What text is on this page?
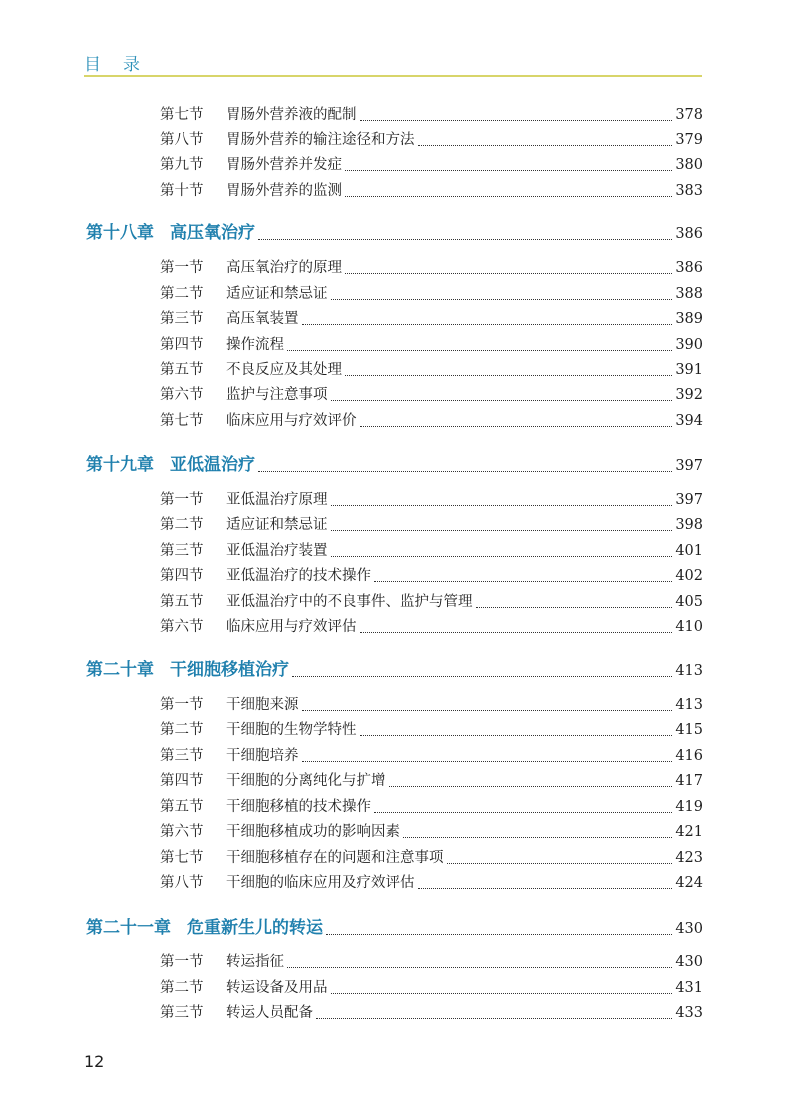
目录
第七节	胃肠外营养液的配制	378
第八节	胃肠外营养的输注途径和方法	379
第九节	胃肠外营养并发症	380
第十节	胃肠外营养的监测	383
第十八章 高压氧治疗	386
第一节	高压氧治疗的原理	386
第二节	适应证和禁忌证	388
第三节	高压氧装置	389
第四节	操作流程	390
第五节	不良反应及其处理	391
第六节	监护与注意事项	392
第七节	临床应用与疗效评价	394
第十九章 亚低温治疗	397
第一节	亚低温治疗原理	397
第二节	适应证和禁忌证	398
第三节	亚低温治疗装置	401
第四节	亚低温治疗的技术操作	402
第五节	亚低温治疗中的不良事件、监护与管理	405
第六节	临床应用与疗效评估	410
第二十章 干细胞移植治疗	413
第一节	干细胞来源	413
第二节	干细胞的生物学特性	415
第三节	干细胞培养	416
第四节	干细胞的分离纯化与扩增	417
第五节	干细胞移植的技术操作	419
第六节	干细胞移植成功的影响因素	421
第七节	干细胞移植存在的问题和注意事项	423
第八节	干细胞的临床应用及疗效评估	424
第二十一章 危重新生儿的转运	430
第一节	转运指征	430
第二节	转运设备及用品	431
第三节	转运人员配备	433
12
